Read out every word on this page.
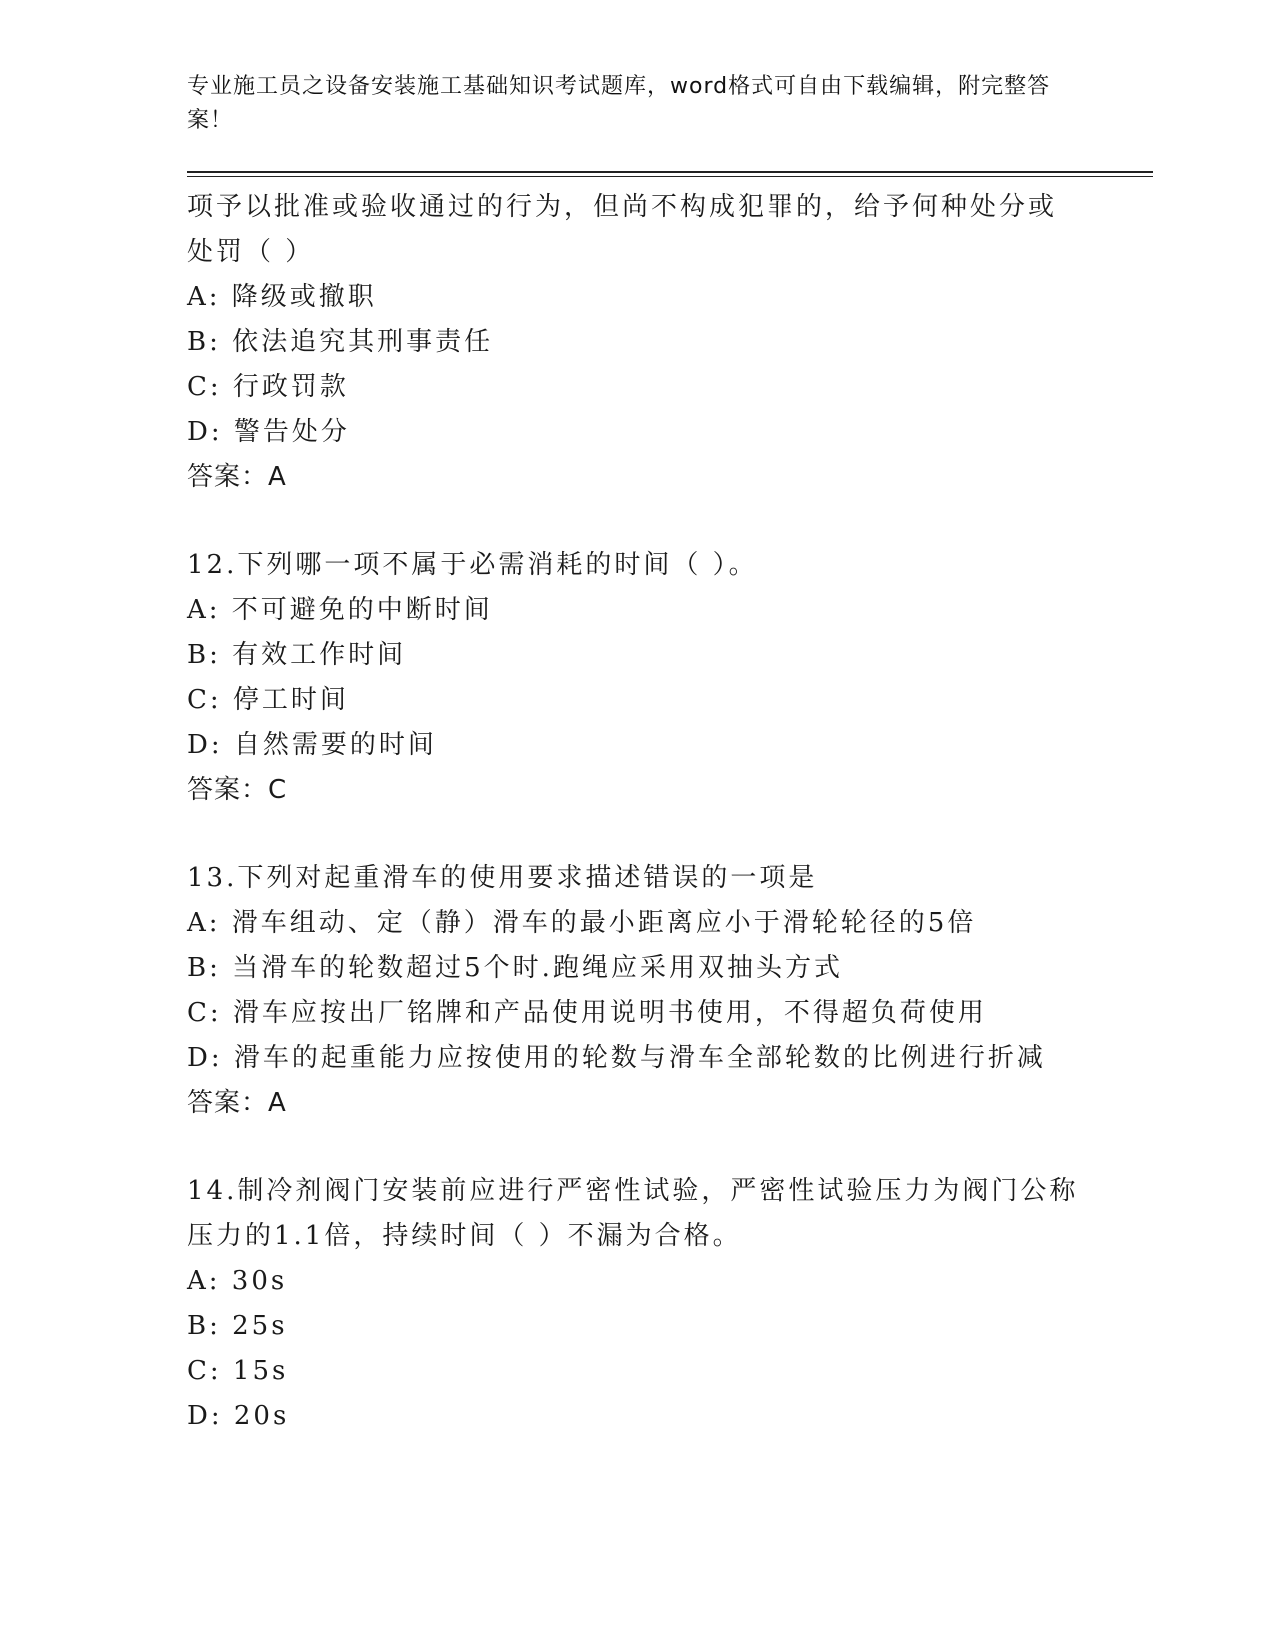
专业施工员之设备安装施工基础知识考试题库，word格式可自由下载编辑，附完整答案！

项予以批准或验收通过的行为，但尚不构成犯罪的，给予何种处分或

处罚（ ）

A: 降级或撤职

B: 依法追究其刑事责任

C: 行政罚款

D: 警告处分

答案：A

12.下列哪一项不属于必需消耗的时间（ ）。

A: 不可避免的中断时间

B: 有效工作时间

C: 停工时间

D: 自然需要的时间

答案：C

13.下列对起重滑车的使用要求描述错误的一项是

A: 滑车组动、定（静）滑车的最小距离应小于滑轮轮径的5倍

B: 当滑车的轮数超过5个时.跑绳应采用双抽头方式

C: 滑车应按出厂铭牌和产品使用说明书使用，不得超负荷使用

D: 滑车的起重能力应按使用的轮数与滑车全部轮数的比例进行折减

答案：A

14.制冷剂阀门安装前应进行严密性试验，严密性试验压力为阀门公称

压力的1.1倍，持续时间（ ）不漏为合格。

A: 30s

B: 25s

C: 15s

D: 20s
